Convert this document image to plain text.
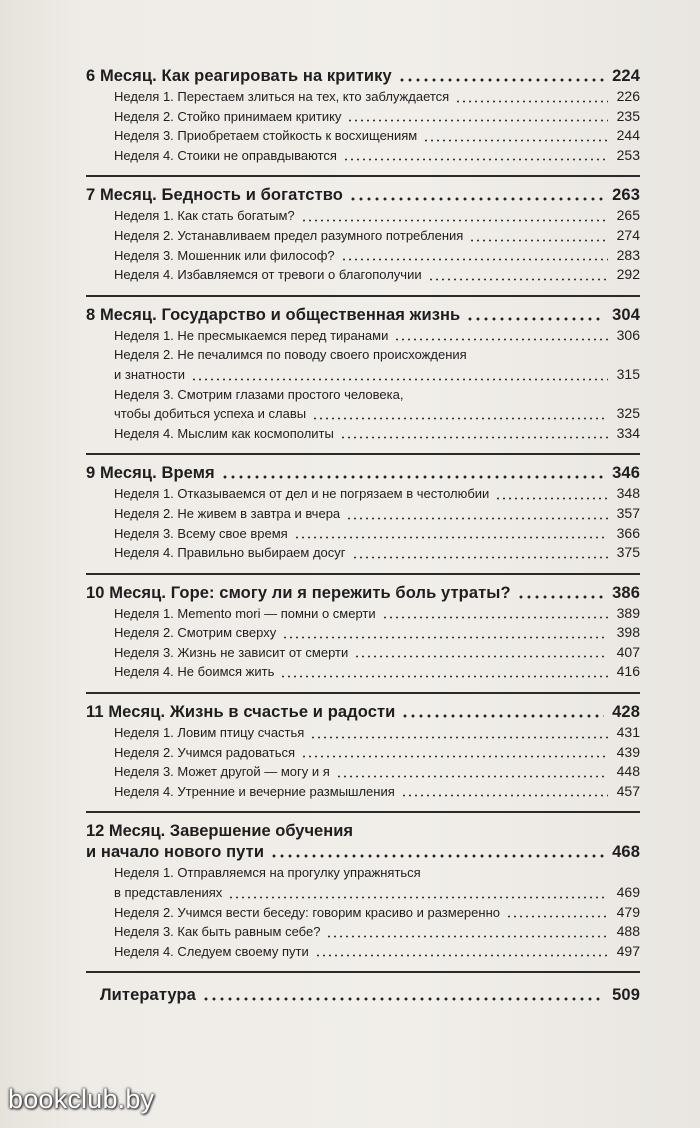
6 Месяц. Как реагировать на критику	224
Неделя 1. Перестаем злиться на тех, кто заблуждается	226
Неделя 2. Стойко принимаем критику	235
Неделя 3. Приобретаем стойкость к восхищениям	244
Неделя 4. Стоики не оправдываются	253
7 Месяц. Бедность и богатство	263
Неделя 1. Как стать богатым?	265
Неделя 2. Устанавливаем предел разумного потребления	274
Неделя 3. Мошенник или философ?	283
Неделя 4. Избавляемся от тревоги о благополучии	292
8 Месяц. Государство и общественная жизнь	304
Неделя 1. Не пресмыкаемся перед тиранами	306
Неделя 2. Не печалимся по поводу своего происхождения
и знатности	315
Неделя 3. Смотрим глазами простого человека,
чтобы добиться успеха и славы	325
Неделя 4. Мыслим как космополиты	334
9 Месяц. Время	346
Неделя 1. Отказываемся от дел и не погрязаем в честолюбии	348
Неделя 2. Не живем в завтра и вчера	357
Неделя 3. Всему свое время	366
Неделя 4. Правильно выбираем досуг	375
10 Месяц. Горе: смогу ли я пережить боль утраты?	386
Неделя 1. Memento mori — помни о смерти	389
Неделя 2. Смотрим сверху	398
Неделя 3. Жизнь не зависит от смерти	407
Неделя 4. Не боимся жить	416
11 Месяц. Жизнь в счастье и радости	428
Неделя 1. Ловим птицу счастья	431
Неделя 2. Учимся радоваться	439
Неделя 3. Может другой — могу и я	448
Неделя 4. Утренние и вечерние размышления	457
12 Месяц. Завершение обучения
и начало нового пути	468
Неделя 1. Отправляемся на прогулку упражняться
в представлениях	469
Неделя 2. Учимся вести беседу: говорим красиво и размеренно	479
Неделя 3. Как быть равным себе?	488
Неделя 4. Следуем своему пути	497
Литература	509
bookclub.by
